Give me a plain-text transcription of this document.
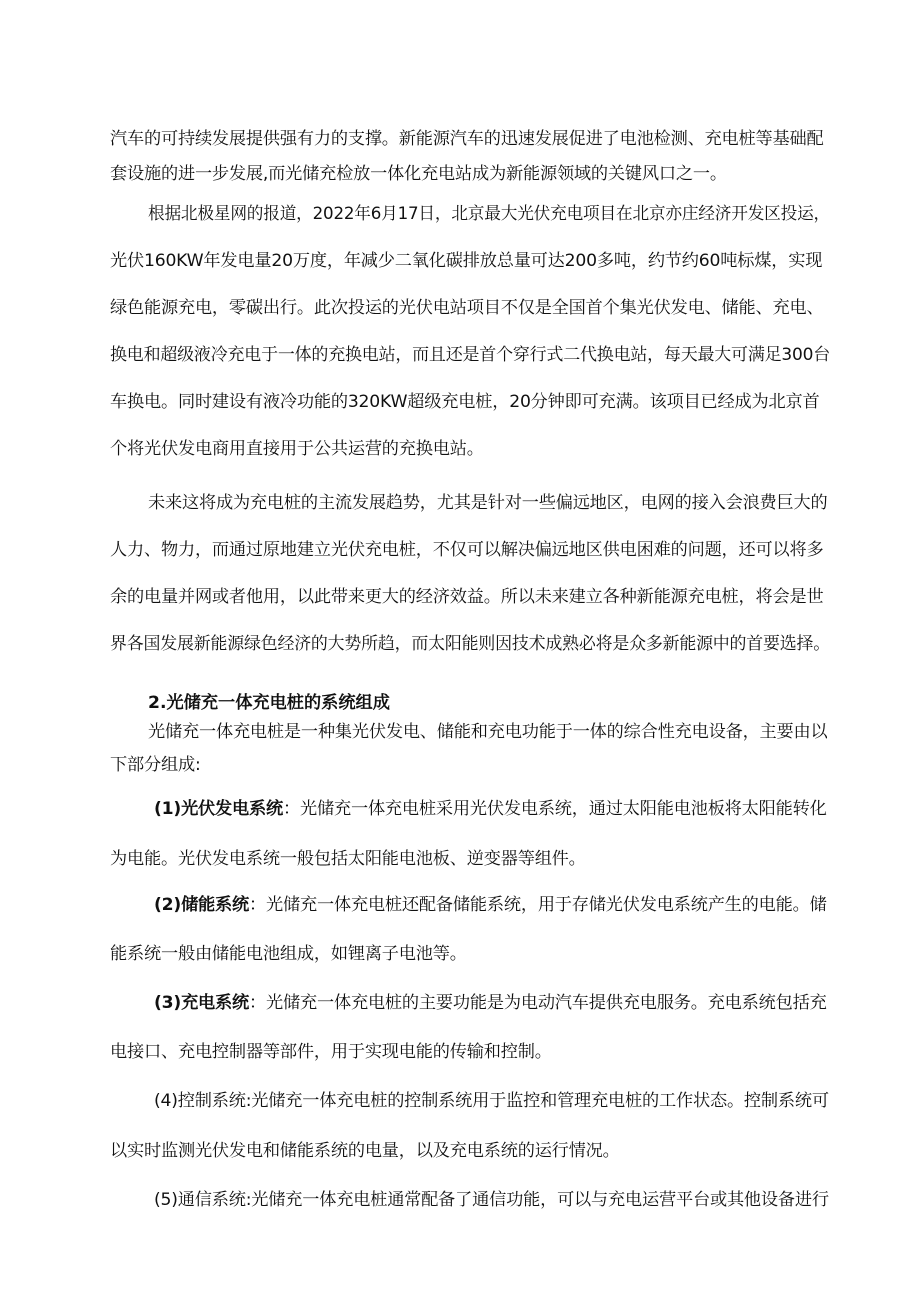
汽车的可持续发展提供强有力的支撑。新能源汽车的迅速发展促进了电池检测、充电桩等基础配
套设施的进一步发展,而光储充检放一体化充电站成为新能源领域的关键风口之一。
根据北极星网的报道，2022年6月17日，北京最大光伏充电项目在北京亦庄经济开发区投运，
光伏160KW年发电量20万度，年减少二氧化碳排放总量可达200多吨，约节约60吨标煤，实现
绿色能源充电，零碳出行。此次投运的光伏电站项目不仅是全国首个集光伏发电、储能、充电、
换电和超级液冷充电于一体的充换电站，而且还是首个穿行式二代换电站，每天最大可满足300台
车换电。同时建设有液冷功能的320KW超级充电桩，20分钟即可充满。该项目已经成为北京首
个将光伏发电商用直接用于公共运营的充换电站。
未来这将成为充电桩的主流发展趋势，尤其是针对一些偏远地区，电网的接入会浪费巨大的
人力、物力，而通过原地建立光伏充电桩，不仅可以解决偏远地区供电困难的问题，还可以将多
余的电量并网或者他用，以此带来更大的经济效益。所以未来建立各种新能源充电桩，将会是世
界各国发展新能源绿色经济的大势所趋，而太阳能则因技术成熟必将是众多新能源中的首要选择。
2.光储充一体充电桩的系统组成
光储充一体充电桩是一种集光伏发电、储能和充电功能于一体的综合性充电设备，主要由以
下部分组成:
(1)光伏发电系统：光储充一体充电桩采用光伏发电系统，通过太阳能电池板将太阳能转化
为电能。光伏发电系统一般包括太阳能电池板、逆变器等组件。
(2)储能系统：光储充一体充电桩还配备储能系统，用于存储光伏发电系统产生的电能。储
能系统一般由储能电池组成，如锂离子电池等。
(3)充电系统：光储充一体充电桩的主要功能是为电动汽车提供充电服务。充电系统包括充
电接口、充电控制器等部件，用于实现电能的传输和控制。
(4)控制系统:光储充一体充电桩的控制系统用于监控和管理充电桩的工作状态。控制系统可
以实时监测光伏发电和储能系统的电量，以及充电系统的运行情况。
(5)通信系统:光储充一体充电桩通常配备了通信功能，可以与充电运营平台或其他设备进行
